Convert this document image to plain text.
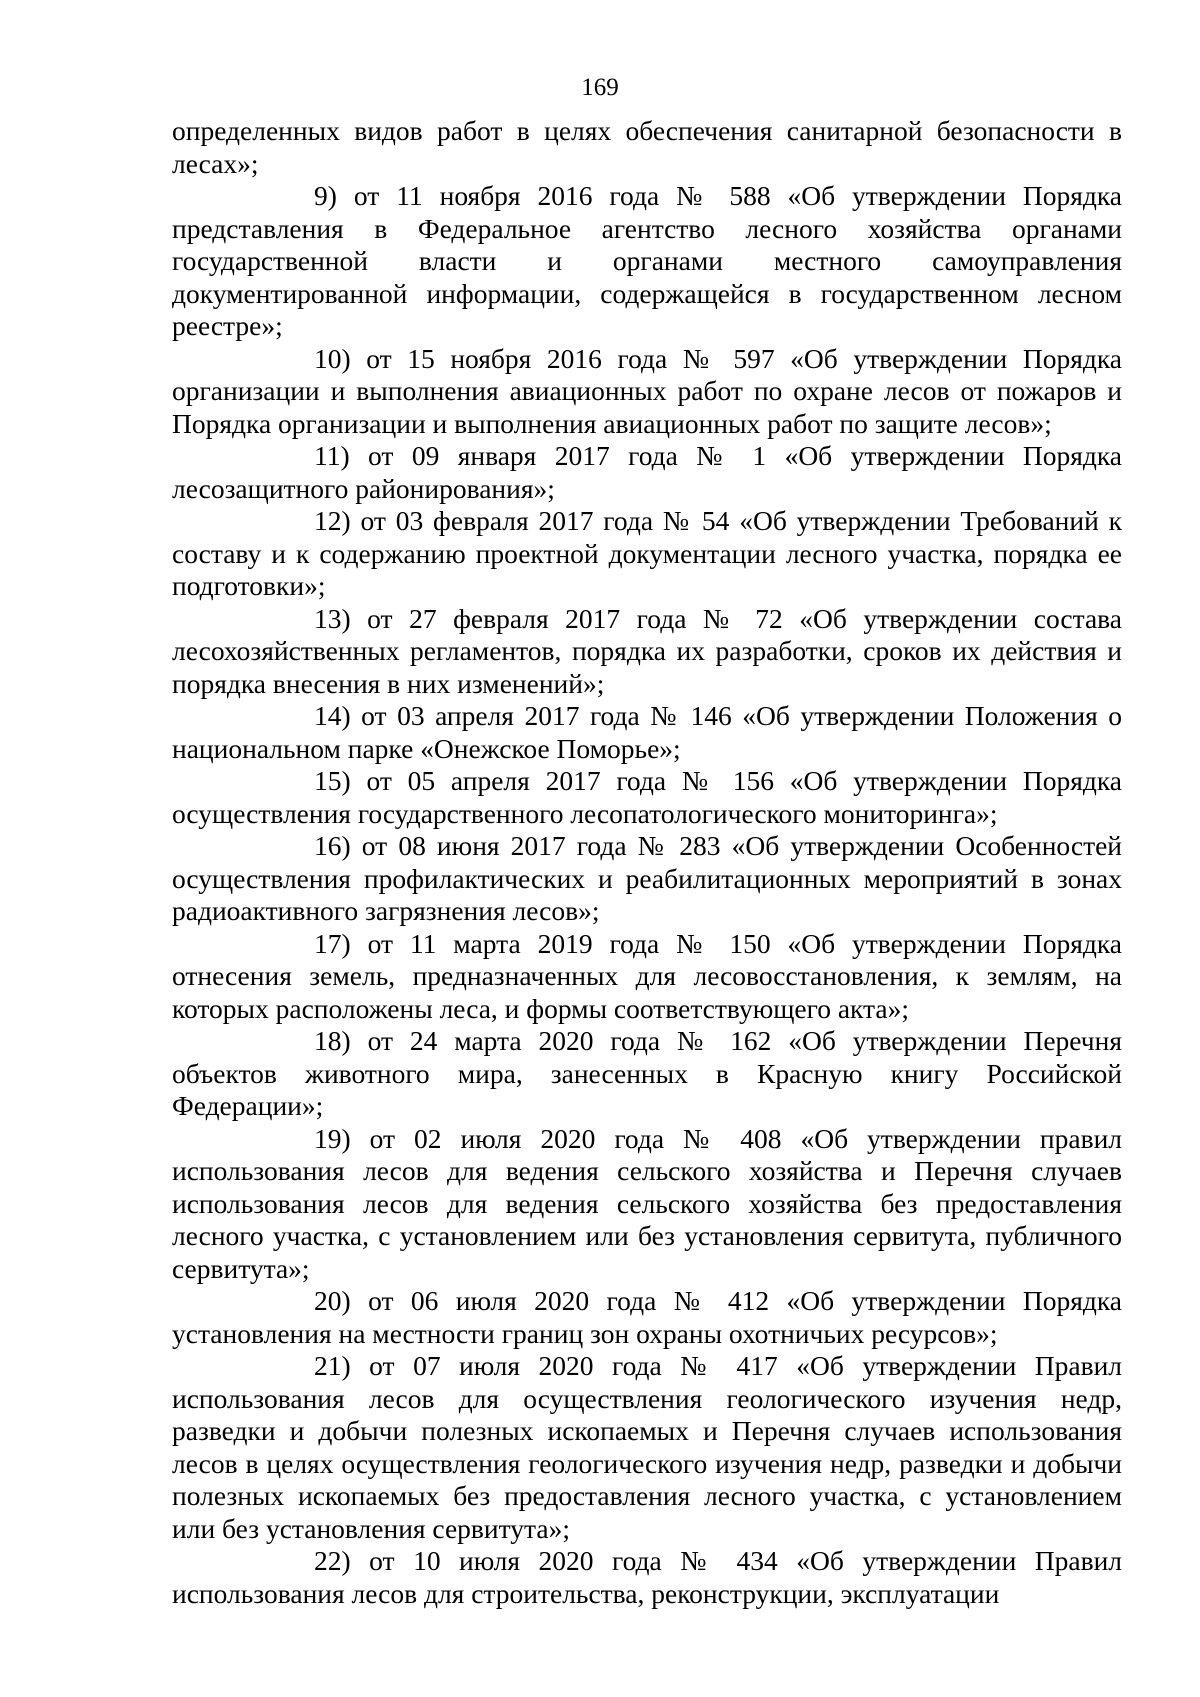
169

определенных видов работ в целях обеспечения санитарной безопасности в лесах»;

9) от 11 ноября 2016 года № 588 «Об утверждении Порядка представления в Федеральное агентство лесного хозяйства органами государственной власти и органами местного самоуправления документированной информации, содержащейся в государственном лесном реестре»;

10) от 15 ноября 2016 года № 597 «Об утверждении Порядка организации и выполнения авиационных работ по охране лесов от пожаров и Порядка организации и выполнения авиационных работ по защите лесов»;

11) от 09 января 2017 года № 1 «Об утверждении Порядка лесозащитного районирования»;

12) от 03 февраля 2017 года № 54 «Об утверждении Требований к составу и к содержанию проектной документации лесного участка, порядка ее подготовки»;

13) от 27 февраля 2017 года № 72 «Об утверждении состава лесохозяйственных регламентов, порядка их разработки, сроков их действия и порядка внесения в них изменений»;

14) от 03 апреля 2017 года № 146 «Об утверждении Положения о национальном парке «Онежское Поморье»;

15) от 05 апреля 2017 года № 156 «Об утверждении Порядка осуществления государственного лесопатологического мониторинга»;

16) от 08 июня 2017 года № 283 «Об утверждении Особенностей осуществления профилактических и реабилитационных мероприятий в зонах радиоактивного загрязнения лесов»;

17) от 11 марта 2019 года № 150 «Об утверждении Порядка отнесения земель, предназначенных для лесовосстановления, к землям, на которых расположены леса, и формы соответствующего акта»;

18) от 24 марта 2020 года № 162 «Об утверждении Перечня объектов животного мира, занесенных в Красную книгу Российской Федерации»;

19) от 02 июля 2020 года № 408 «Об утверждении правил использования лесов для ведения сельского хозяйства и Перечня случаев использования лесов для ведения сельского хозяйства без предоставления лесного участка, с установлением или без установления сервитута, публичного сервитута»;

20) от 06 июля 2020 года № 412 «Об утверждении Порядка установления на местности границ зон охраны охотничьих ресурсов»;

21) от 07 июля 2020 года № 417 «Об утверждении Правил использования лесов для осуществления геологического изучения недр, разведки и добычи полезных ископаемых и Перечня случаев использования лесов в целях осуществления геологического изучения недр, разведки и добычи полезных ископаемых без предоставления лесного участка, с установлением или без установления сервитута»;

22) от 10 июля 2020 года № 434 «Об утверждении Правил использования лесов для строительства, реконструкции, эксплуатации
